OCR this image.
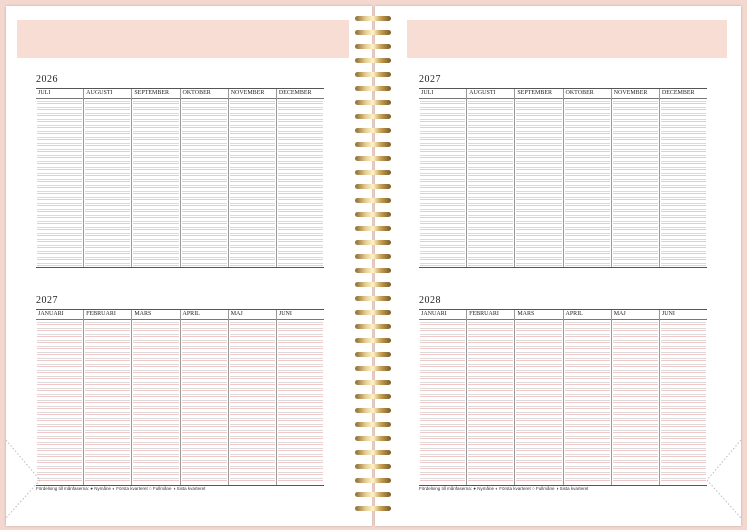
2026
JULI	AUGUSTI	SEPTEMBER	OKTOBER	NOVEMBER	DECEMBER
2027
JANUARI	FEBRUARI	MARS	APRIL	MAJ	JUNI
Fördelning till månfaserna: ● Nymåne ◐ Första kvarteret ○ Fullmåne ◑ Sista kvarteret
2027
JULI	AUGUSTI	SEPTEMBER	OKTOBER	NOVEMBER	DECEMBER
2028
JANUARI	FEBRUARI	MARS	APRIL	MAJ	JUNI
Fördelning till månfaserna: ● Nymåne ◐ Första kvarteret ○ Fullmåne ◑ Sista kvarteret
